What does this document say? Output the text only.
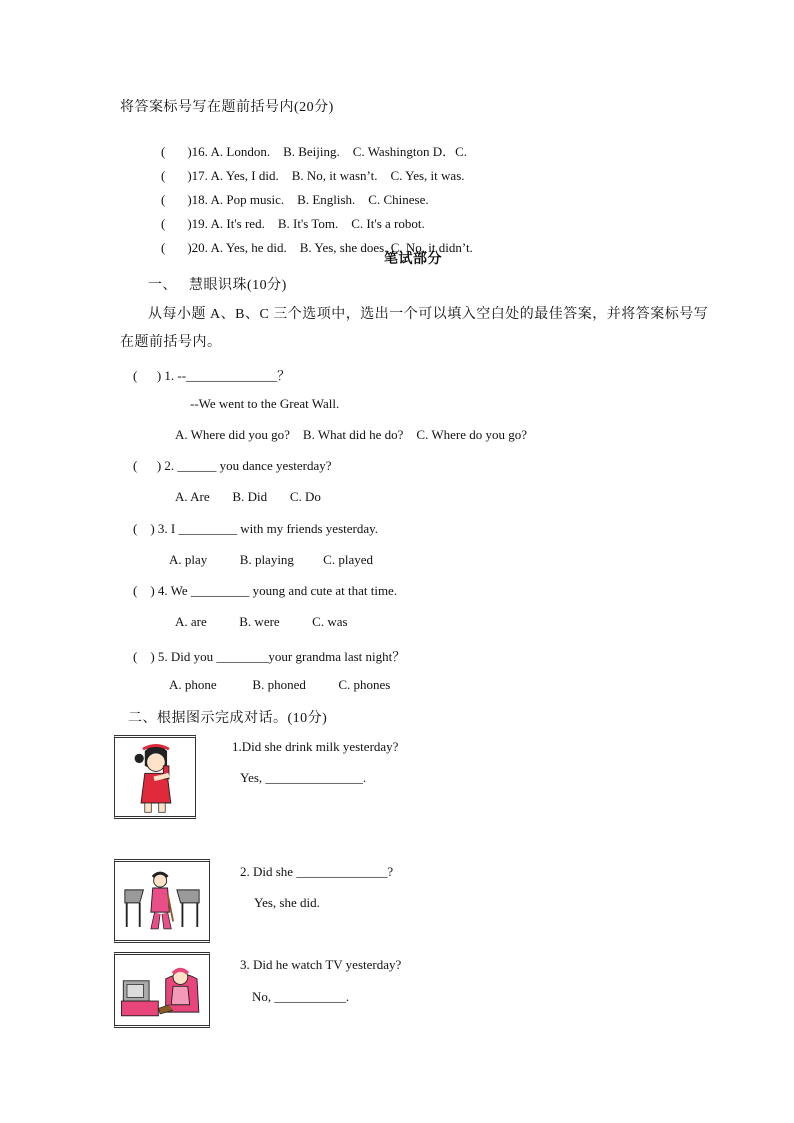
将答案标号写在题前括号内(20分)

( )16. A. London.    B. Beijing.    C. Washington D．C.

( )17. A. Yes, I did.    B. No, it wasn’t.    C. Yes, it was.

( )18. A. Pop music.    B. English.    C. Chinese.

( )19. A. It's red.    B. It's Tom.    C. It's a robot.

( )20. A. Yes, he did.    B. Yes, she does. C. No, it didn’t.

笔试部分
一、   慧眼识珠(10分)
从每小题 A、B、C 三个选项中，选出一个可以填入空白处的最佳答案，并将答案标号写
在题前括号内。
(      ) 1. --______________？
--We went to the Great Wall.
A. Where did you go?    B. What did he do?    C. Where do you go?
(      ) 2. ______ you dance yesterday?
A. Are       B. Did       C. Do
(    ) 3. I _________ with my friends yesterday.
A. play          B. playing         C. played
(    ) 4. We _________ young and cute at that time.
A. are          B. were          C. was
(    ) 5. Did you ________your grandma last night？
A. phone           B. phoned          C. phones
二、根据图示完成对话。(10分)
1.Did she drink milk yesterday?
Yes, _______________.
2. Did she ______________?
Yes, she did.
3. Did he watch TV yesterday?
No, ___________.
